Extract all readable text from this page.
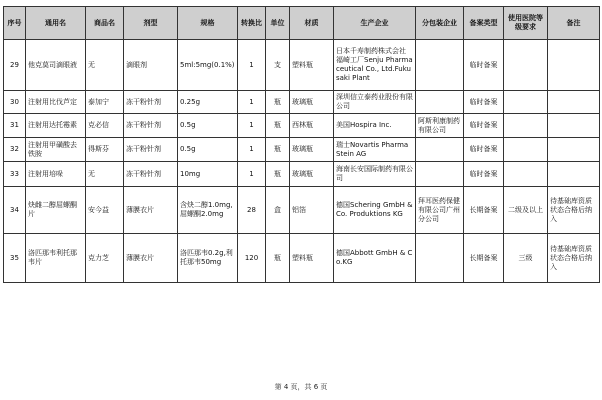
序号	通用名	商品名	剂型	规格	转换比	单位	材质	生产企业	分包装企业	备案类型	使用医院等级要求	备注
29	他克莫司滴眼液	无	滴眼剂	5ml:5mg(0.1%)	1	支	塑料瓶	日本千寿制药株式会社 福崎工厂Senju Pharmaceutical Co., Ltd.Fukusaki Plant		临时备案		
30	注射用比伐芦定	泰加宁	冻干粉针剂	0.25g	1	瓶	玻璃瓶	深圳信立泰药业股份有限公司		临时备案		
31	注射用达托霉素	克必信	冻干粉针剂	0.5g	1	瓶	西林瓶	美国Hospira Inc.	阿斯利康制药有限公司	临时备案		
32	注射用甲磺酸去铁胺	得斯芬	冻干粉针剂	0.5g	1	瓶	玻璃瓶	瑞士Novartis Pharma Stein AG		临时备案		
33	注射用培哚	无	冻干粉针剂	10mg	1	瓶	玻璃瓶	海南长安国际制药有限公司		临时备案		
34	炔雌二醇屈螺酮片	安今益	薄膜衣片	含炔二醇1.0mg,屈螺酮2.0mg	28	盒	铝箔	德国Schering GmbH & Co. Produktions KG	拜耳医药保健有限公司广州分公司	长期备案	二级及以上	待基础库资质状态合格后纳入
35	洛匹那韦利托那韦片	克力芝	薄膜衣片	洛匹那韦0.2g,利托那韦50mg	120	瓶	塑料瓶	德国Abbott GmbH & Co.KG		长期备案	三级	待基础库资质状态合格后纳入
第 4 页，共 6 页
